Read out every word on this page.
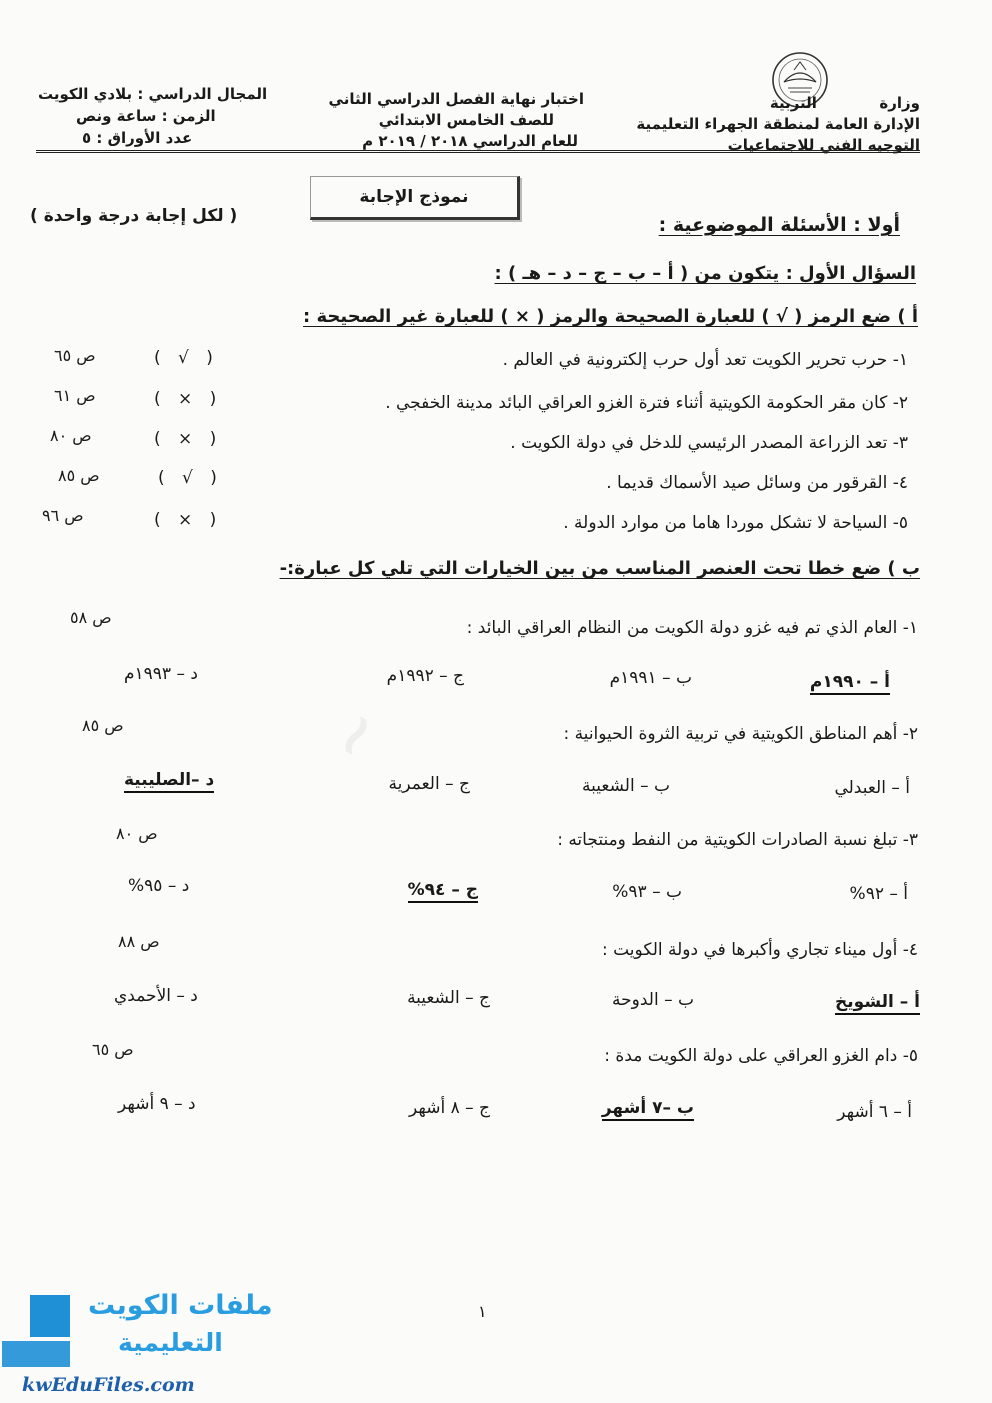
~
وزارة  التربية
الإدارة العامة لمنطقة الجهراء التعليمية
التوجيه الفني للاجتماعيات
اختبار نهاية الفصل الدراسي الثاني
للصف الخامس الابتدائي
للعام الدراسي ٢٠١٨ / ٢٠١٩ م
المجال الدراسي : بلادي الكويت
الزمن : ساعة ونص
عدد الأوراق : ٥
نموذج الإجابة
أولا : الأسئلة الموضوعية :
( لكل إجابة درجة واحدة )
السؤال الأول : يتكون من ( أ – ب – ج – د – هـ ) :
أ ) ضع الرمز ( √ ) للعبارة الصحيحة والرمز ( × ) للعبارة غير الصحيحة :
١- حرب تحرير الكويت تعد أول حرب إلكترونية في العالم .
( √ )
ص ٦٥
٢- كان مقر الحكومة الكويتية أثناء فترة الغزو العراقي البائد مدينة الخفجي .
( × )
ص ٦١
٣- تعد الزراعة المصدر الرئيسي للدخل في دولة الكويت .
( × )
ص ٨٠
٤- القرقور من وسائل صيد الأسماك قديما .
( √ )
ص ٨٥
٥- السياحة لا تشكل موردا هاما من موارد الدولة .
( × )
ص ٩٦
ب ) ضع خطا تحت العنصر المناسب من بين الخيارات التي تلي كل عبارة:-
١- العام الذي تم فيه غزو دولة الكويت من النظام العراقي البائد :
ص ٥٨
أ – ١٩٩٠م
ب – ١٩٩١م
ج – ١٩٩٢م
د – ١٩٩٣م
٢- أهم المناطق الكويتية في تربية الثروة الحيوانية :
ص ٨٥
أ – العبدلي
ب – الشعيبة
ج – العمرية
د –الصليبية
٣- تبلغ نسبة الصادرات الكويتية من النفط ومنتجاته :
ص ٨٠
أ – ٩٢%
ب – ٩٣%
ج – ٩٤%
د – ٩٥%
٤- أول ميناء تجاري وأكبرها في دولة الكويت :
ص ٨٨
أ – الشويخ
ب – الدوحة
ج – الشعيبة
د – الأحمدي
٥- دام الغزو العراقي على دولة الكويت مدة :
ص ٦٥
أ – ٦ أشهر
ب –٧ أشهر
ج – ٨ أشهر
د – ٩ أشهر
١
ملفات الكويت
التعليمية
kwEduFiles.com
